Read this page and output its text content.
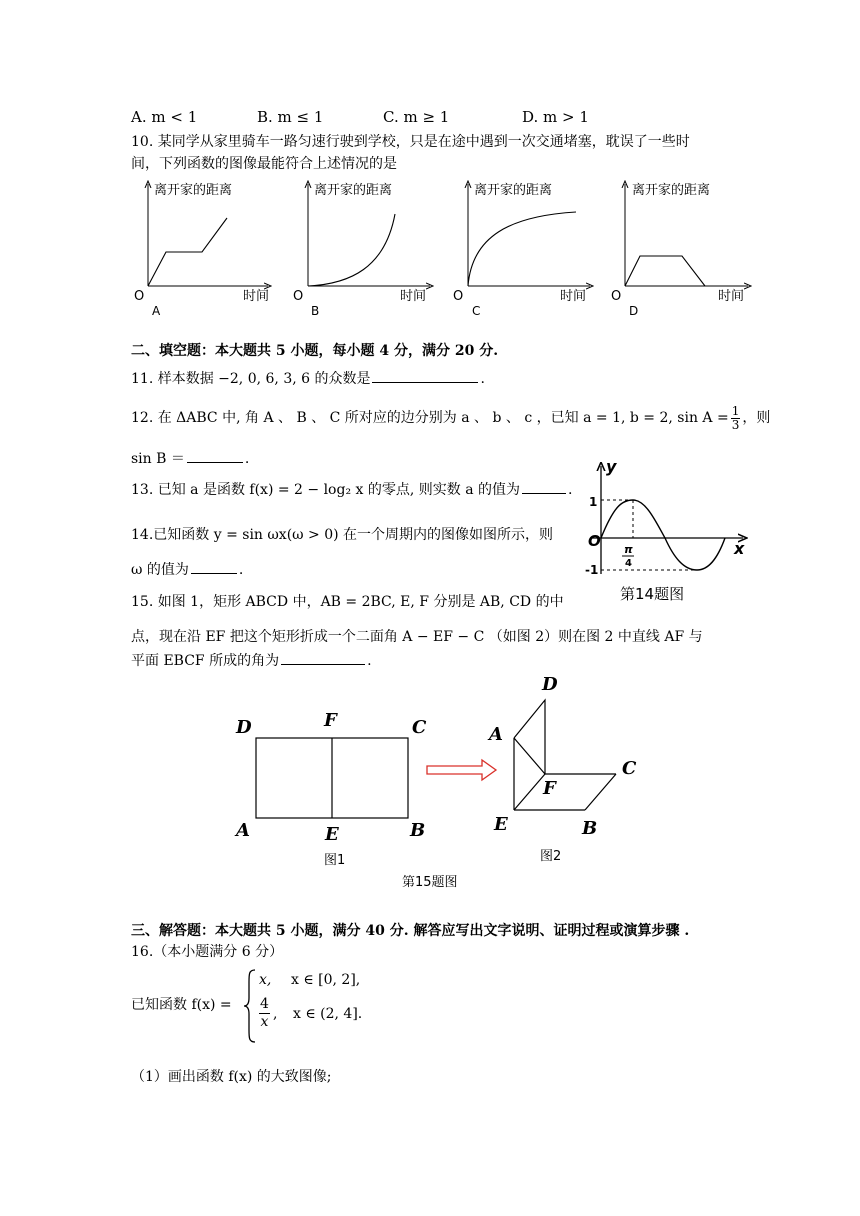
A. m < 1	B. m ≤ 1	C. m ≥ 1	D. m > 1
10. 某同学从家里骑车一路匀速行驶到学校，只是在途中遇到一次交通堵塞，耽误了一些时
间，下列函数的图像最能符合上述情况的是
离开家的距离
O	时间
A
离开家的距离
O	时间
B
离开家的距离
O	时间
C
离开家的距离
O	时间
D
二、填空题：本大题共 5 小题，每小题 4 分，满分 20 分.
11. 样本数据 −2, 0, 6, 3, 6 的众数是	.
12. 在 ΔABC 中, 角 A 、 B 、 C 所对应的边分别为 a 、 b 、 c ，已知 a = 1, b = 2, $\sin A = \frac{1}{3}$ ，则
sin B ＝	.
13. 已知 a 是函数 f(x) = 2 − log₂ x 的零点, 则实数 a 的值为	.
14.已知函数 y = sin ωx(ω > 0) 在一个周期内的图像如图所示，则
ω 的值为	.
y
x
O
1
-1
π
4
第14题图
15. 如图 1，矩形 ABCD 中，AB = 2BC, E, F 分别是 AB, CD 的中
点，现在沿 EF 把这个矩形折成一个二面角 A − EF − C （如图 2）则在图 2 中直线 AF 与
平面 EBCF 所成的角为	.
D	F	C
A	E	B
图1
D
A
F
C
E	B
图2
第15题图
三、解答题：本大题共 5 小题，满分 40 分. 解答应写出文字说明、证明过程或演算步骤 .
16.（本小题满分 6 分）
已知函数 f(x) =
x, x ∈ [0, 2],
$\frac{4}{x}$ , x ∈ (2, 4].
（1）画出函数 f(x) 的大致图像;
